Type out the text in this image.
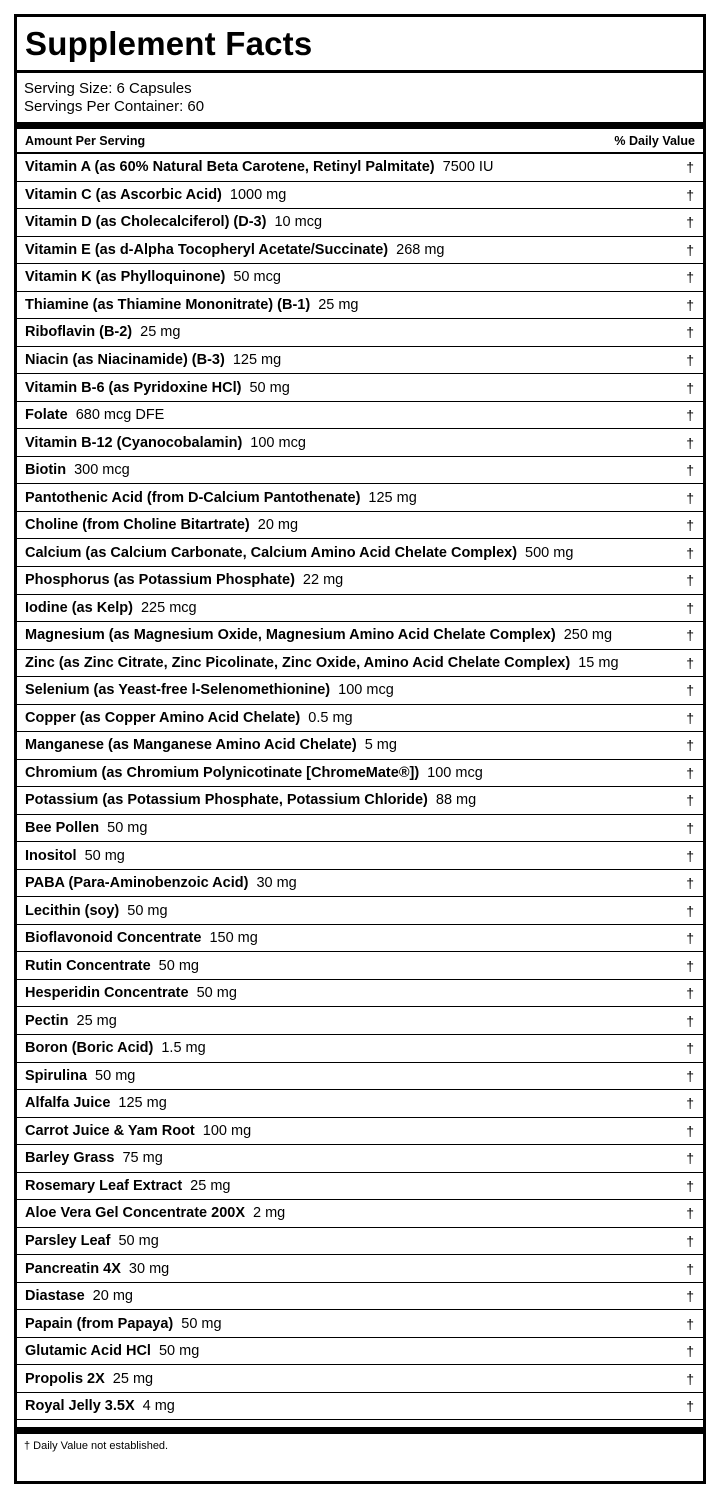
Supplement Facts
Serving Size: 6 Capsules
Servings Per Container: 60
Amount Per Serving	% Daily Value
Vitamin A (as 60% Natural Beta Carotene, Retinyl Palmitate) 7500 IU	†
Vitamin C (as Ascorbic Acid) 1000 mg	†
Vitamin D (as Cholecalciferol) (D-3) 10 mcg	†
Vitamin E (as d-Alpha Tocopheryl Acetate/Succinate) 268 mg	†
Vitamin K (as Phylloquinone) 50 mcg	†
Thiamine (as Thiamine Mononitrate) (B-1) 25 mg	†
Riboflavin (B-2) 25 mg	†
Niacin (as Niacinamide) (B-3) 125 mg	†
Vitamin B-6 (as Pyridoxine HCl) 50 mg	†
Folate 680 mcg DFE	†
Vitamin B-12 (Cyanocobalamin) 100 mcg	†
Biotin 300 mcg	†
Pantothenic Acid (from D-Calcium Pantothenate) 125 mg	†
Choline (from Choline Bitartrate) 20 mg	†
Calcium (as Calcium Carbonate, Calcium Amino Acid Chelate Complex) 500 mg	†
Phosphorus (as Potassium Phosphate) 22 mg	†
Iodine (as Kelp) 225 mcg	†
Magnesium (as Magnesium Oxide, Magnesium Amino Acid Chelate Complex) 250 mg	†
Zinc (as Zinc Citrate, Zinc Picolinate, Zinc Oxide, Amino Acid Chelate Complex) 15 mg	†
Selenium (as Yeast-free l-Selenomethionine) 100 mcg	†
Copper (as Copper Amino Acid Chelate) 0.5 mg	†
Manganese (as Manganese Amino Acid Chelate) 5 mg	†
Chromium (as Chromium Polynicotinate [ChromeMate®]) 100 mcg	†
Potassium (as Potassium Phosphate, Potassium Chloride) 88 mg	†
Bee Pollen 50 mg	†
Inositol 50 mg	†
PABA (Para-Aminobenzoic Acid) 30 mg	†
Lecithin (soy) 50 mg	†
Bioflavonoid Concentrate 150 mg	†
Rutin Concentrate 50 mg	†
Hesperidin Concentrate 50 mg	†
Pectin 25 mg	†
Boron (Boric Acid) 1.5 mg	†
Spirulina 50 mg	†
Alfalfa Juice 125 mg	†
Carrot Juice & Yam Root 100 mg	†
Barley Grass 75 mg	†
Rosemary Leaf Extract 25 mg	†
Aloe Vera Gel Concentrate 200X 2 mg	†
Parsley Leaf 50 mg	†
Pancreatin 4X 30 mg	†
Diastase 20 mg	†
Papain (from Papaya) 50 mg	†
Glutamic Acid HCl 50 mg	†
Propolis 2X 25 mg	†
Royal Jelly 3.5X 4 mg	†
† Daily Value not established.
